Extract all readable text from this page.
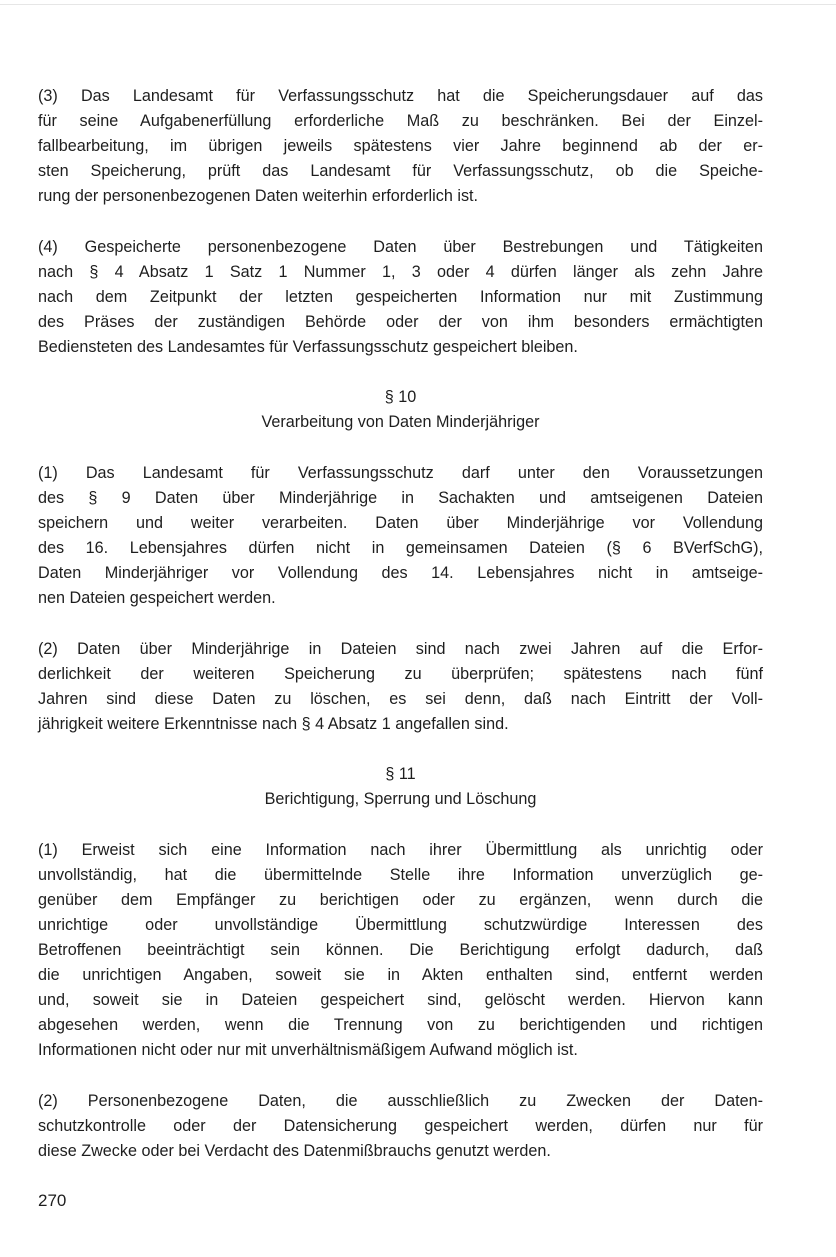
(3) Das Landesamt für Verfassungsschutz hat die Speicherungsdauer auf das
für seine Aufgabenerfüllung erforderliche Maß zu beschränken. Bei der Einzel-
fallbearbeitung, im übrigen jeweils spätestens vier Jahre beginnend ab der er-
sten Speicherung, prüft das Landesamt für Verfassungsschutz, ob die Speiche-
rung der personenbezogenen Daten weiterhin erforderlich ist.

(4) Gespeicherte personenbezogene Daten über Bestrebungen und Tätigkeiten
nach § 4 Absatz 1 Satz 1 Nummer 1, 3 oder 4 dürfen länger als zehn Jahre
nach dem Zeitpunkt der letzten gespeicherten Information nur mit Zustimmung
des Präses der zuständigen Behörde oder der von ihm besonders ermächtigten
Bediensteten des Landesamtes für Verfassungsschutz gespeichert bleiben.

§ 10
Verarbeitung von Daten Minderjähriger

(1) Das Landesamt für Verfassungsschutz darf unter den Voraussetzungen
des § 9 Daten über Minderjährige in Sachakten und amtseigenen Dateien
speichern und weiter verarbeiten. Daten über Minderjährige vor Vollendung
des 16. Lebensjahres dürfen nicht in gemeinsamen Dateien (§ 6 BVerfSchG),
Daten Minderjähriger vor Vollendung des 14. Lebensjahres nicht in amtseige-
nen Dateien gespeichert werden.

(2) Daten über Minderjährige in Dateien sind nach zwei Jahren auf die Erfor-
derlichkeit der weiteren Speicherung zu überprüfen; spätestens nach fünf
Jahren sind diese Daten zu löschen, es sei denn, daß nach Eintritt der Voll-
jährigkeit weitere Erkenntnisse nach § 4 Absatz 1 angefallen sind.

§ 11
Berichtigung, Sperrung und Löschung

(1) Erweist sich eine Information nach ihrer Übermittlung als unrichtig oder
unvollständig, hat die übermittelnde Stelle ihre Information unverzüglich ge-
genüber dem Empfänger zu berichtigen oder zu ergänzen, wenn durch die
unrichtige oder unvollständige Übermittlung schutzwürdige Interessen des
Betroffenen beeinträchtigt sein können. Die Berichtigung erfolgt dadurch, daß
die unrichtigen Angaben, soweit sie in Akten enthalten sind, entfernt werden
und, soweit sie in Dateien gespeichert sind, gelöscht werden. Hiervon kann
abgesehen werden, wenn die Trennung von zu berichtigenden und richtigen
Informationen nicht oder nur mit unverhältnismäßigem Aufwand möglich ist.

(2) Personenbezogene Daten, die ausschließlich zu Zwecken der Daten-
schutzkontrolle oder der Datensicherung gespeichert werden, dürfen nur für
diese Zwecke oder bei Verdacht des Datenmißbrauchs genutzt werden.

270
